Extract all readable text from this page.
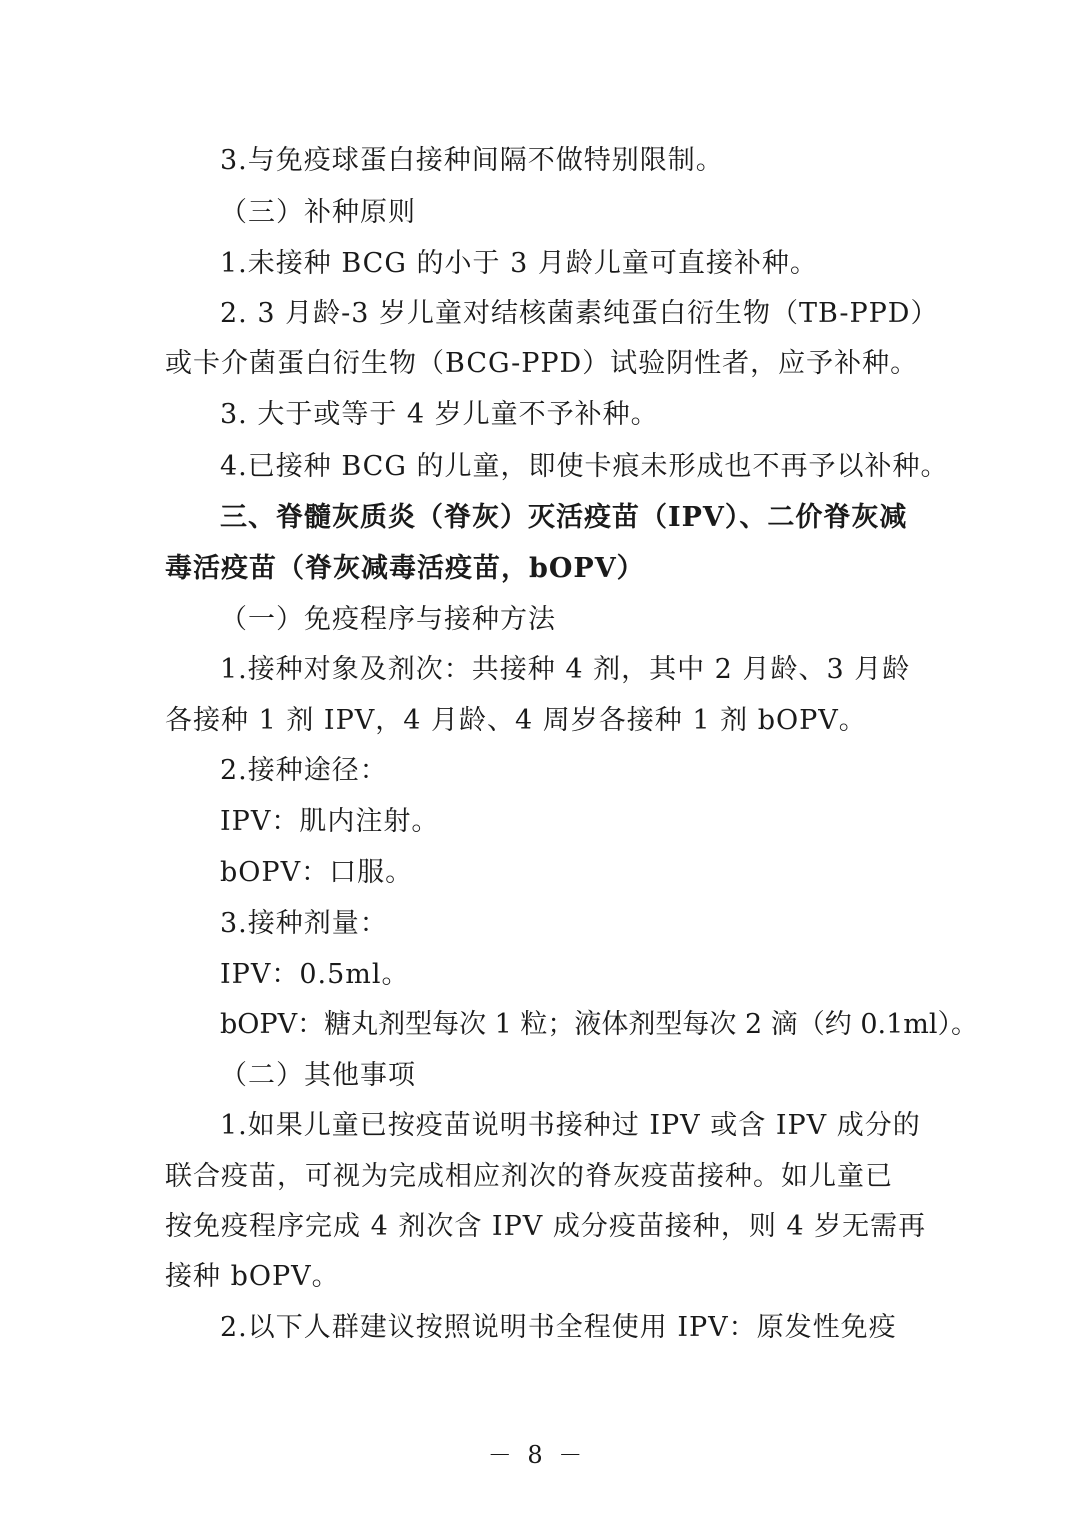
3.与免疫球蛋白接种间隔不做特别限制。
（三）补种原则
1.未接种 BCG 的小于 3 月龄儿童可直接补种。
2. 3 月龄-3 岁儿童对结核菌素纯蛋白衍生物（TB-PPD）
或卡介菌蛋白衍生物（BCG-PPD）试验阴性者，应予补种。
3. 大于或等于 4 岁儿童不予补种。
4.已接种 BCG 的儿童，即使卡痕未形成也不再予以补种。
三、脊髓灰质炎（脊灰）灭活疫苗（IPV）、二价脊灰减
毒活疫苗（脊灰减毒活疫苗，bOPV）
（一）免疫程序与接种方法
1.接种对象及剂次：共接种 4 剂，其中 2 月龄、3 月龄
各接种 1 剂 IPV，4 月龄、4 周岁各接种 1 剂 bOPV。
2.接种途径：
IPV：肌内注射。
bOPV：口服。
3.接种剂量：
IPV：0.5ml。
bOPV：糖丸剂型每次 1 粒；液体剂型每次 2 滴（约 0.1ml）。
（二）其他事项
1.如果儿童已按疫苗说明书接种过 IPV 或含 IPV 成分的
联合疫苗，可视为完成相应剂次的脊灰疫苗接种。如儿童已
按免疫程序完成 4 剂次含 IPV 成分疫苗接种，则 4 岁无需再
接种 bOPV。
2.以下人群建议按照说明书全程使用 IPV：原发性免疫
－ 8 －
